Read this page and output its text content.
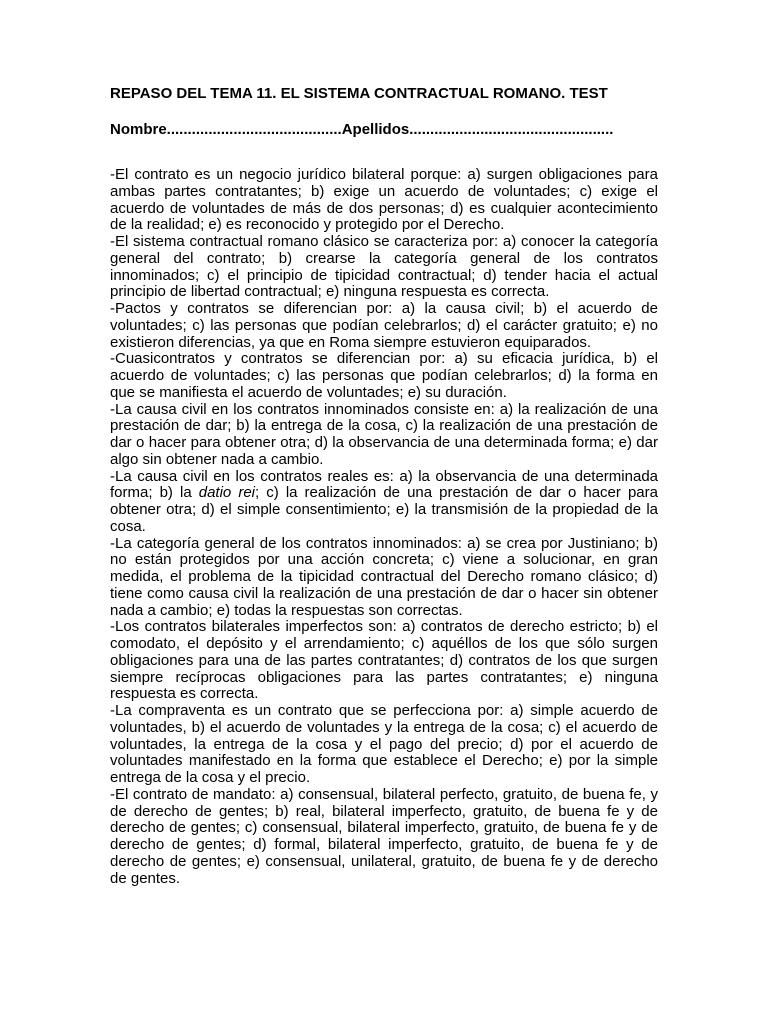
REPASO DEL TEMA 11. EL SISTEMA CONTRACTUAL ROMANO. TEST
Nombre..........................................Apellidos.................................................

-El contrato es un negocio jurídico bilateral porque: a) surgen obligaciones para ambas partes contratantes; b) exige un acuerdo de voluntades; c) exige el acuerdo de voluntades de más de dos personas; d) es cualquier acontecimiento de la realidad; e) es reconocido y protegido por el Derecho.

-El sistema contractual romano clásico se caracteriza por: a) conocer la categoría general del contrato; b) crearse la categoría general de los contratos innominados; c) el principio de tipicidad contractual; d) tender hacia el actual principio de libertad contractual; e) ninguna respuesta es correcta.

-Pactos y contratos se diferencian por: a) la causa civil; b) el acuerdo de voluntades; c) las personas que podían celebrarlos; d) el carácter gratuito; e) no existieron diferencias, ya que en Roma siempre estuvieron equiparados.

-Cuasicontratos y contratos se diferencian por: a) su eficacia jurídica, b) el acuerdo de voluntades; c) las personas que podían celebrarlos; d) la forma en que se manifiesta el acuerdo de voluntades; e) su duración.

-La causa civil en los contratos innominados consiste en: a) la realización de una prestación de dar; b) la entrega de la cosa, c) la realización de una prestación de dar o hacer para obtener otra; d) la observancia de una determinada forma; e) dar algo sin obtener nada a cambio.

-La causa civil en los contratos reales es: a) la observancia de una determinada forma; b) la datio rei; c) la realización de una prestación de dar o hacer para obtener otra; d) el simple consentimiento; e) la transmisión de la propiedad de la cosa.

-La categoría general de los contratos innominados: a) se crea por Justiniano; b) no están protegidos por una acción concreta; c) viene a solucionar, en gran medida, el problema de la tipicidad contractual del Derecho romano clásico; d) tiene como causa civil la realización de una prestación de dar o hacer sin obtener nada a cambio; e) todas la respuestas son correctas.

-Los contratos bilaterales imperfectos son: a) contratos de derecho estricto; b) el comodato, el depósito y el arrendamiento; c) aquéllos de los que sólo surgen obligaciones para una de las partes contratantes; d) contratos de los que surgen siempre recíprocas obligaciones para las partes contratantes; e) ninguna respuesta es correcta.

-La compraventa es un contrato que se perfecciona por: a) simple acuerdo de voluntades, b) el acuerdo de voluntades y la entrega de la cosa; c) el acuerdo de voluntades, la entrega de la cosa y el pago del precio; d) por el acuerdo de voluntades manifestado en la forma que establece el Derecho; e) por la simple entrega de la cosa y el precio.

-El contrato de mandato: a) consensual, bilateral perfecto, gratuito, de buena fe, y de derecho de gentes; b) real, bilateral imperfecto, gratuito, de buena fe y de derecho de gentes; c) consensual, bilateral imperfecto, gratuito, de buena fe y de derecho de gentes; d) formal, bilateral imperfecto, gratuito, de buena fe y de derecho de gentes; e) consensual, unilateral, gratuito, de buena fe y de derecho de gentes.
